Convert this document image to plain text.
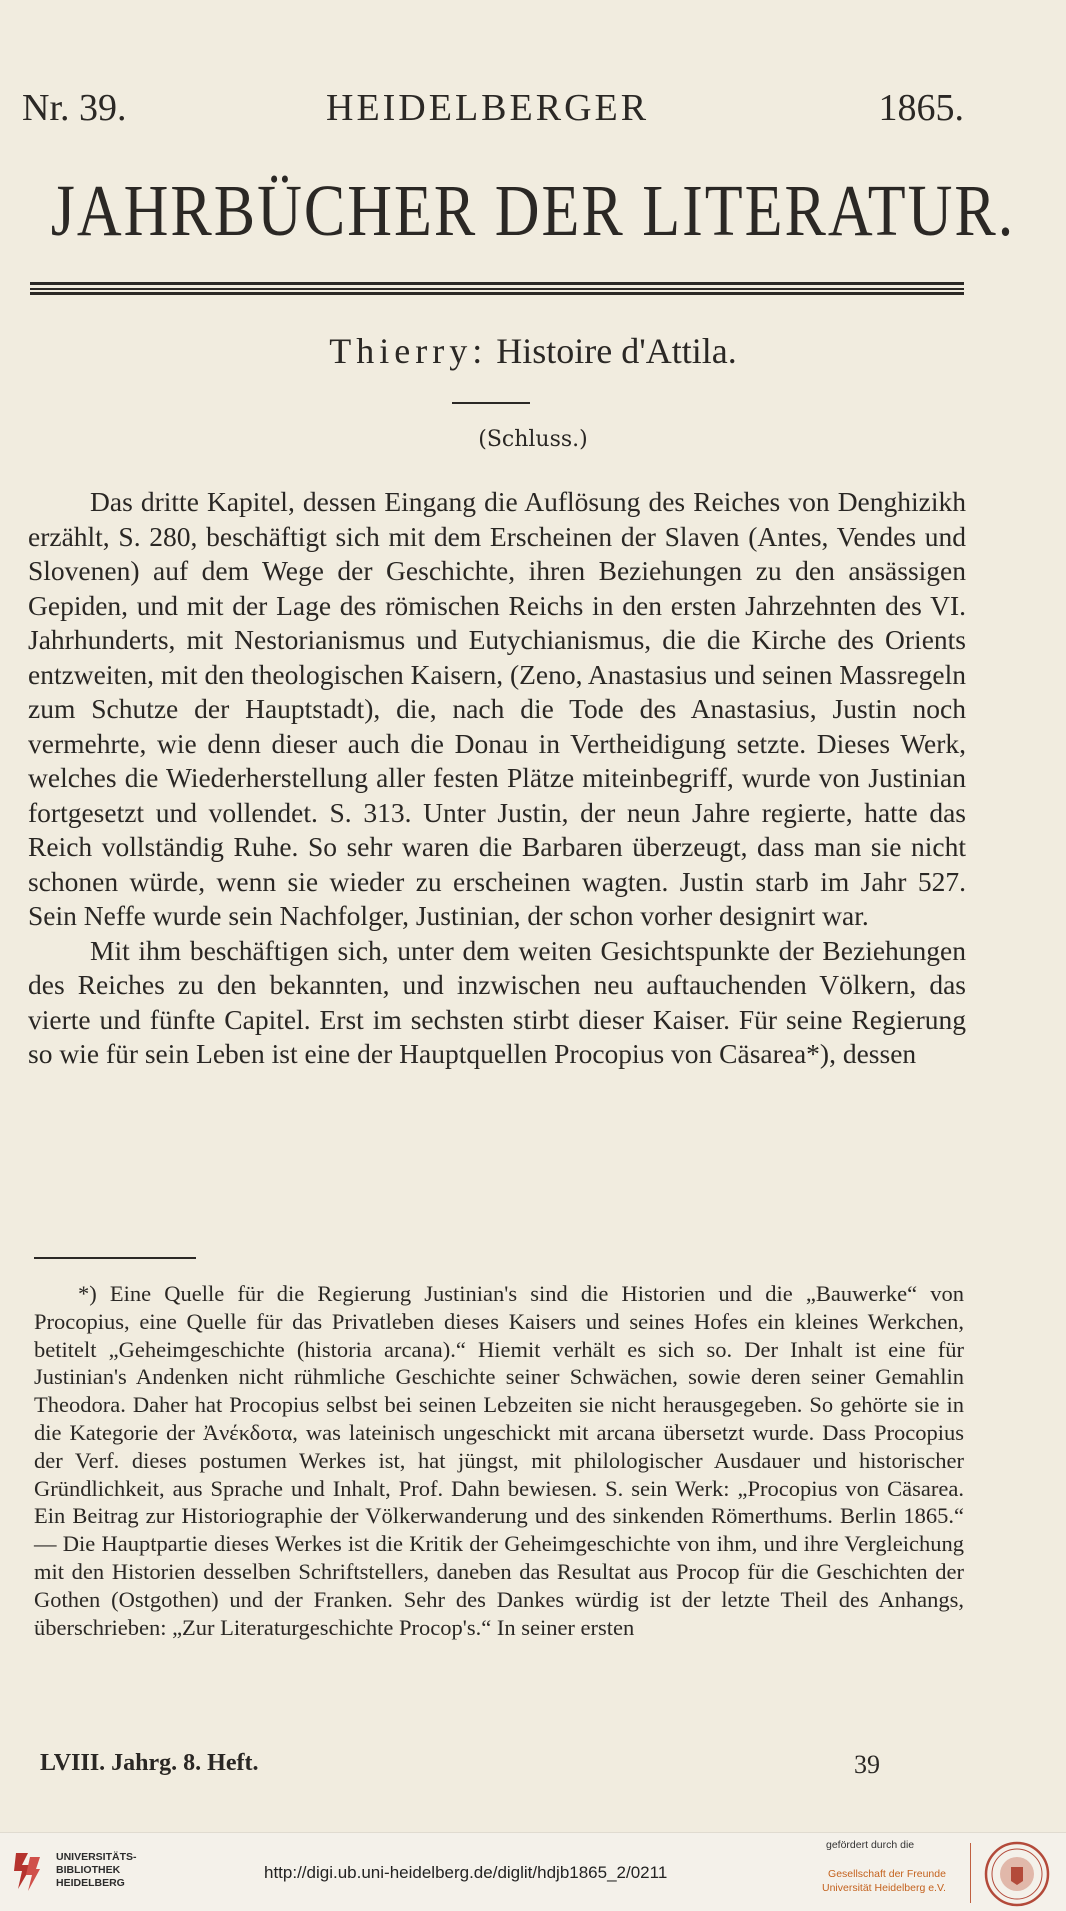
Nr. 39.	HEIDELBERGER	1865.
JAHRBÜCHER DER LITERATUR.
Thierry: Histoire d'Attila.
(Schluss.)

Das dritte Kapitel, dessen Eingang die Auflösung des Reiches von Denghizikh erzählt, S. 280, beschäftigt sich mit dem Erscheinen der Slaven (Antes, Vendes und Slovenen) auf dem Wege der Geschichte, ihren Beziehungen zu den ansässigen Gepiden, und mit der Lage des römischen Reichs in den ersten Jahrzehnten des VI. Jahrhunderts, mit Nestorianismus und Eutychianismus, die die Kirche des Orients entzweiten, mit den theologischen Kaisern, (Zeno, Anastasius und seinen Massregeln zum Schutze der Hauptstadt), die, nach die Tode des Anastasius, Justin noch vermehrte, wie denn dieser auch die Donau in Vertheidigung setzte. Dieses Werk, welches die Wiederherstellung aller festen Plätze miteinbegriff, wurde von Justinian fortgesetzt und vollendet. S. 313. Unter Justin, der neun Jahre regierte, hatte das Reich vollständig Ruhe. So sehr waren die Barbaren überzeugt, dass man sie nicht schonen würde, wenn sie wieder zu erscheinen wagten. Justin starb im Jahr 527. Sein Neffe wurde sein Nachfolger, Justinian, der schon vorher designirt war.

Mit ihm beschäftigen sich, unter dem weiten Gesichtspunkte der Beziehungen des Reiches zu den bekannten, und inzwischen neu auftauchenden Völkern, das vierte und fünfte Capitel. Erst im sechsten stirbt dieser Kaiser. Für seine Regierung so wie für sein Leben ist eine der Hauptquellen Procopius von Cäsarea*), dessen

*) Eine Quelle für die Regierung Justinian's sind die Historien und die „Bauwerke“ von Procopius, eine Quelle für das Privatleben dieses Kaisers und seines Hofes ein kleines Werkchen, betitelt „Geheimgeschichte (historia arcana).“ Hiemit verhält es sich so. Der Inhalt ist eine für Justinian's Andenken nicht rühmliche Geschichte seiner Schwächen, sowie deren seiner Gemahlin Theodora. Daher hat Procopius selbst bei seinen Lebzeiten sie nicht herausgegeben. So gehörte sie in die Kategorie der Ἀνέκδοτα, was lateinisch ungeschickt mit arcana übersetzt wurde. Dass Procopius der Verf. dieses postumen Werkes ist, hat jüngst, mit philologischer Ausdauer und historischer Gründlichkeit, aus Sprache und Inhalt, Prof. Dahn bewiesen. S. sein Werk: „Procopius von Cäsarea. Ein Beitrag zur Historiographie der Völkerwanderung und des sinkenden Römerthums. Berlin 1865.“ — Die Hauptpartie dieses Werkes ist die Kritik der Geheimgeschichte von ihm, und ihre Vergleichung mit den Historien desselben Schriftstellers, daneben das Resultat aus Procop für die Geschichten der Gothen (Ostgothen) und der Franken. Sehr des Dankes würdig ist der letzte Theil des Anhangs, überschrieben: „Zur Literaturgeschichte Procop's.“ In seiner ersten

LVIII. Jahrg. 8. Heft.	39
UNIVERSITÄTS-BIBLIOTHEK HEIDELBERG
http://digi.ub.uni-heidelberg.de/diglit/hdjb1865_2/0211
gefördert durch die
Gesellschaft der Freunde
Universität Heidelberg e.V.
